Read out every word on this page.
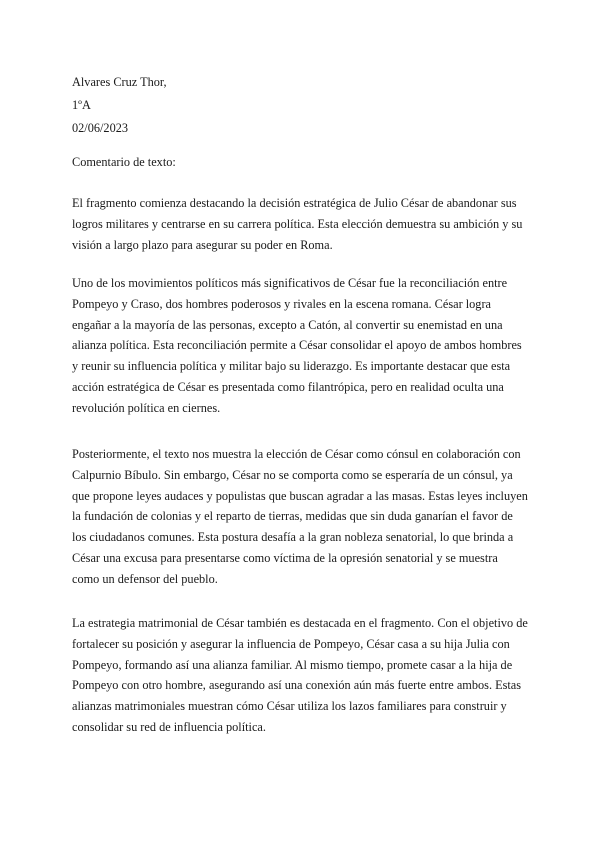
Alvares Cruz Thor,
1ºA
02/06/2023
Comentario de texto:

El fragmento comienza destacando la decisión estratégica de Julio César de abandonar sus logros militares y centrarse en su carrera política. Esta elección demuestra su ambición y su visión a largo plazo para asegurar su poder en Roma.

Uno de los movimientos políticos más significativos de César fue la reconciliación entre Pompeyo y Craso, dos hombres poderosos y rivales en la escena romana. César logra engañar a la mayoría de las personas, excepto a Catón, al convertir su enemistad en una alianza política. Esta reconciliación permite a César consolidar el apoyo de ambos hombres y reunir su influencia política y militar bajo su liderazgo. Es importante destacar que esta acción estratégica de César es presentada como filantrópica, pero en realidad oculta una revolución política en ciernes.

Posteriormente, el texto nos muestra la elección de César como cónsul en colaboración con Calpurnio Bíbulo. Sin embargo, César no se comporta como se esperaría de un cónsul, ya que propone leyes audaces y populistas que buscan agradar a las masas. Estas leyes incluyen la fundación de colonias y el reparto de tierras, medidas que sin duda ganarían el favor de los ciudadanos comunes. Esta postura desafía a la gran nobleza senatorial, lo que brinda a César una excusa para presentarse como víctima de la opresión senatorial y se muestra como un defensor del pueblo.

La estrategia matrimonial de César también es destacada en el fragmento. Con el objetivo de fortalecer su posición y asegurar la influencia de Pompeyo, César casa a su hija Julia con Pompeyo, formando así una alianza familiar. Al mismo tiempo, promete casar a la hija de Pompeyo con otro hombre, asegurando así una conexión aún más fuerte entre ambos. Estas alianzas matrimoniales muestran cómo César utiliza los lazos familiares para construir y consolidar su red de influencia política.
